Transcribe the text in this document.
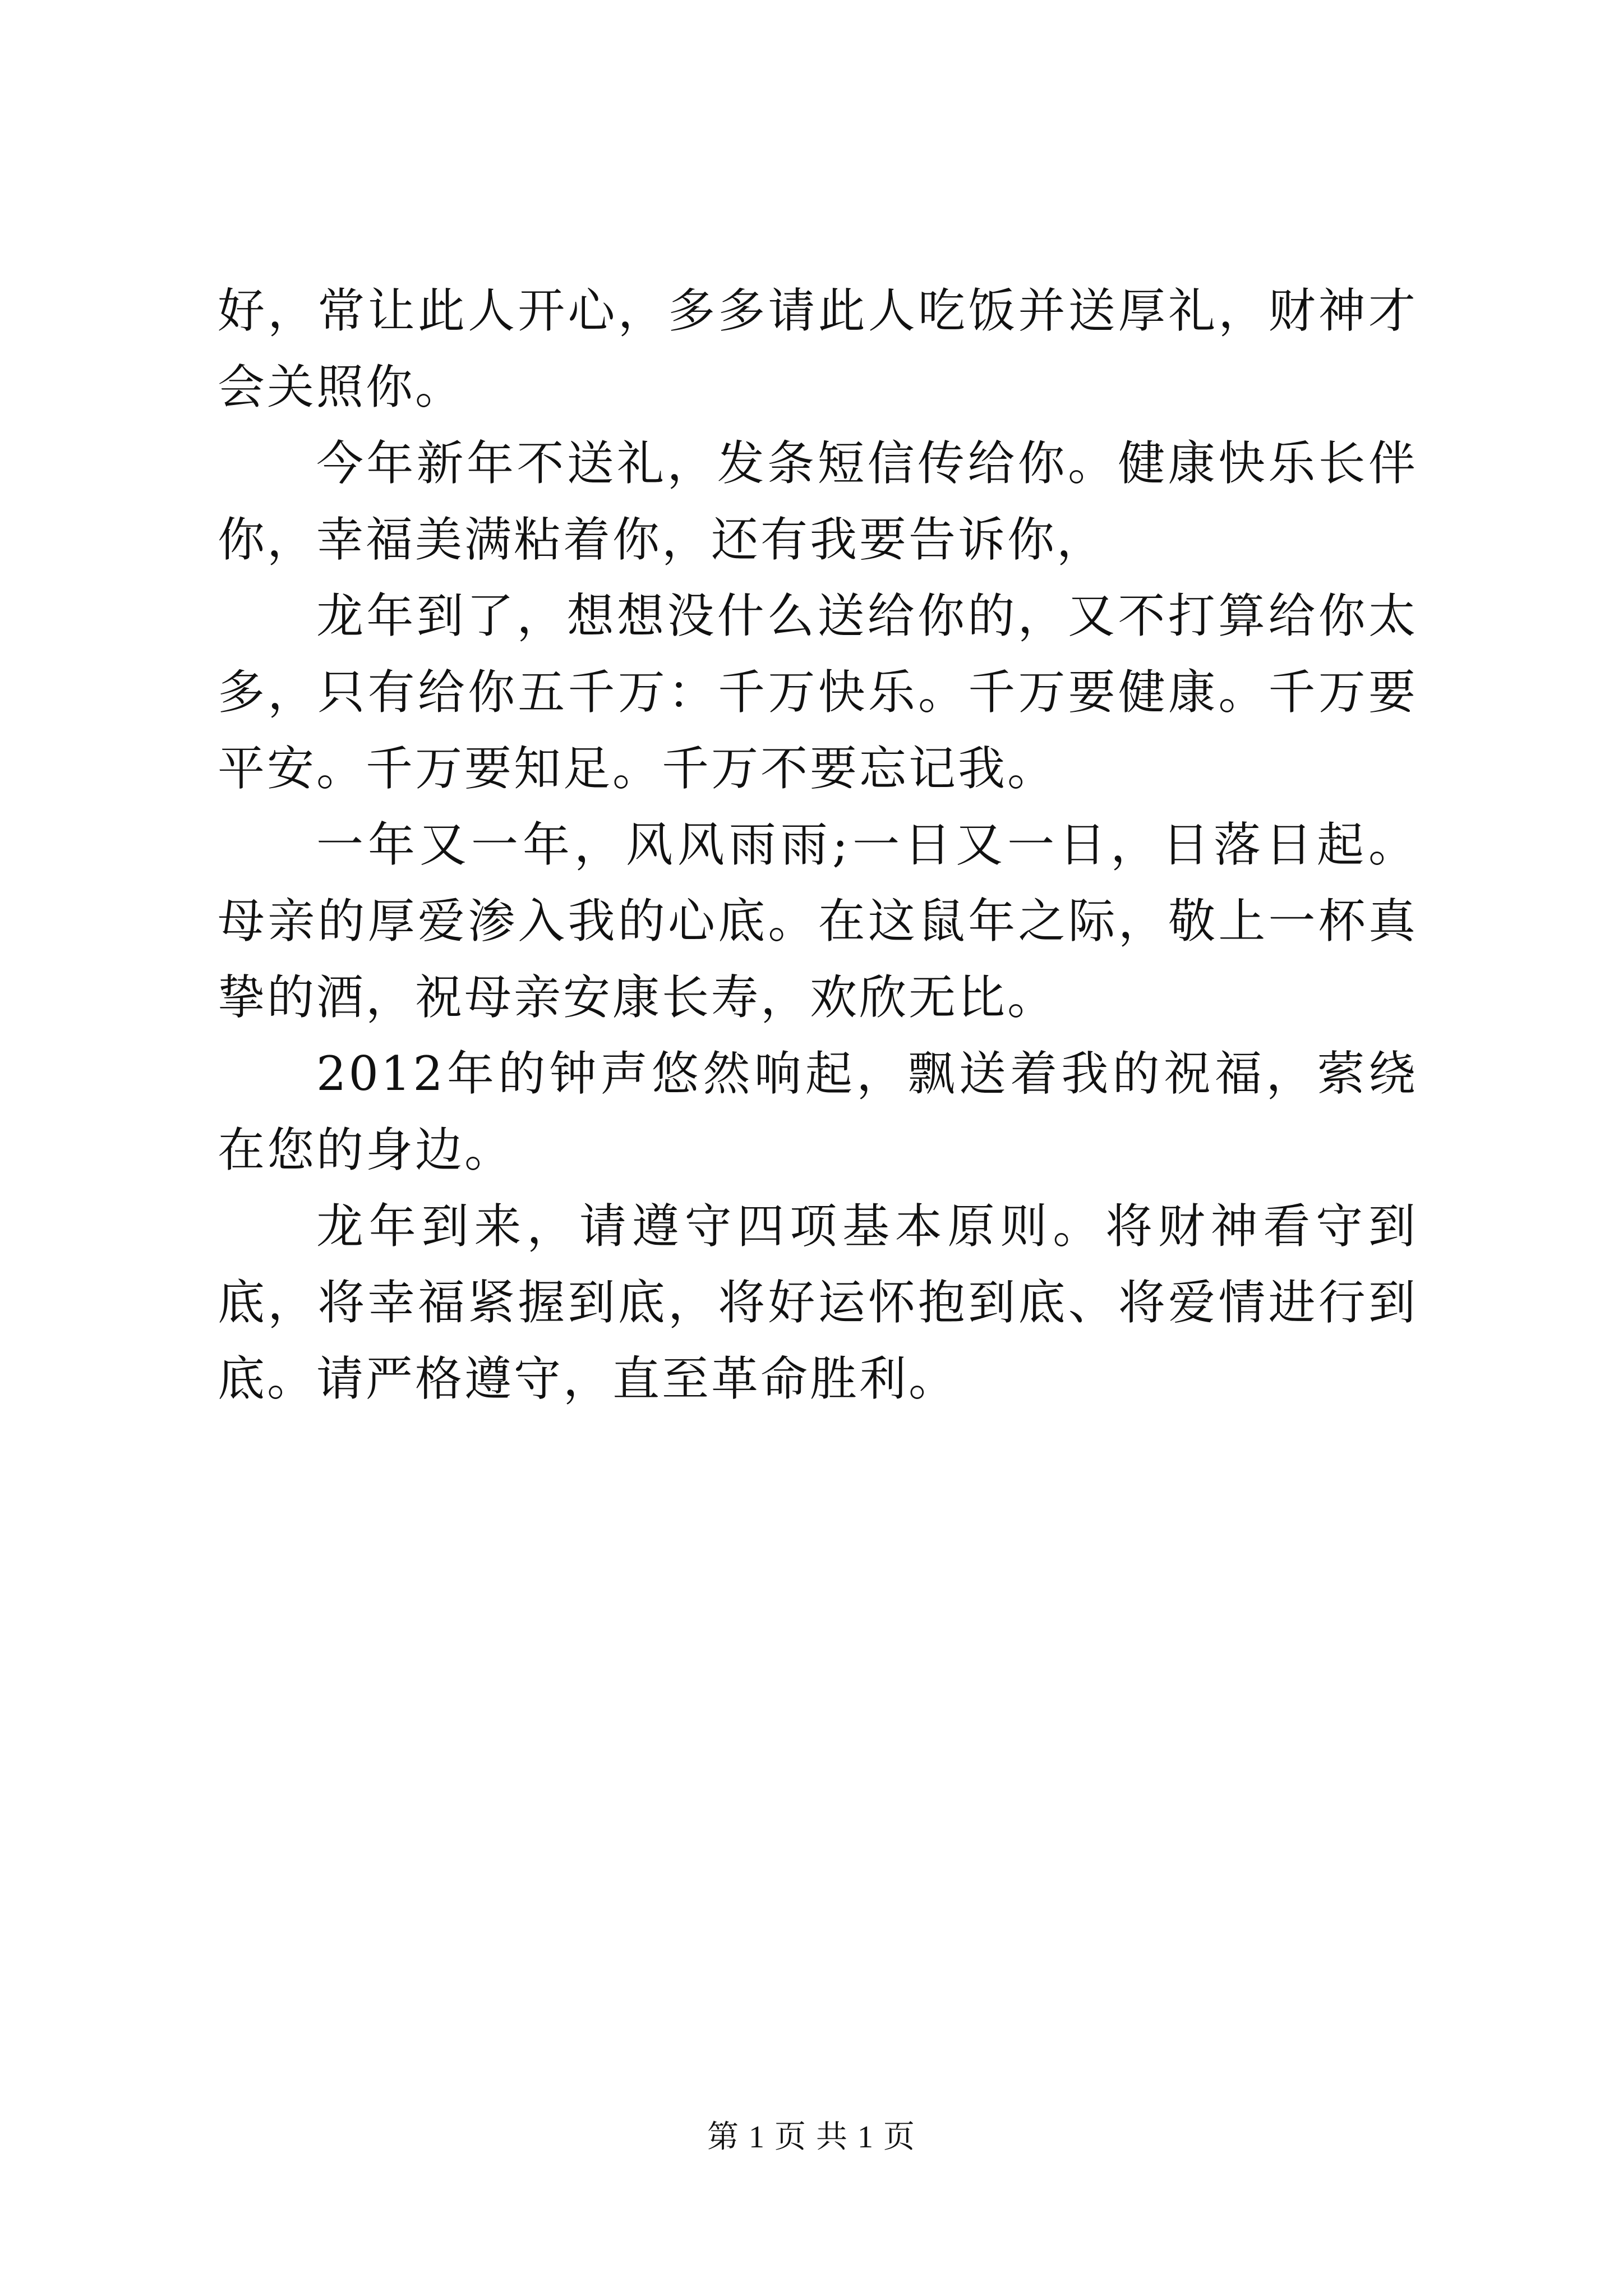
好，常让此人开心，多多请此人吃饭并送厚礼，财神才会关照你。

今年新年不送礼，发条短信传给你。健康快乐长伴你，幸福美满粘着你，还有我要告诉你，

龙年到了，想想没什么送给你的，又不打算给你太多，只有给你五千万：千万快乐。千万要健康。千万要平安。千万要知足。千万不要忘记我。

一年又一年，风风雨雨;一日又一日，日落日起。母亲的厚爱渗入我的心底。在这鼠年之际，敬上一杯真挚的酒，祝母亲安康长寿，欢欣无比。

2012年的钟声悠然响起，飘送着我的祝福，萦绕在您的身边。

龙年到来，请遵守四项基本原则。将财神看守到底，将幸福紧握到底，将好运怀抱到底、将爱情进行到底。请严格遵守，直至革命胜利。

第 1 页 共 1 页
